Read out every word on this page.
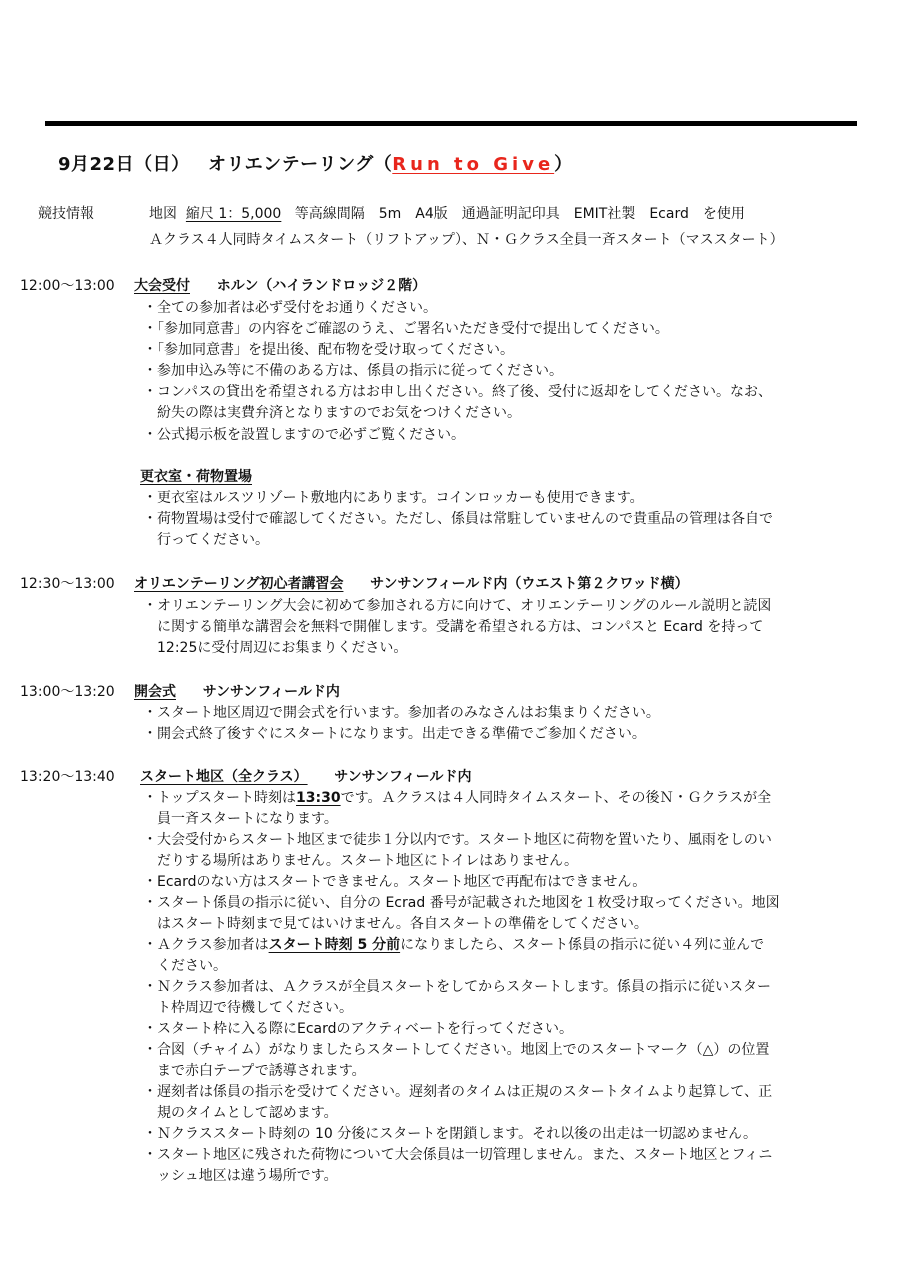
9月22日（日） オリエンテーリング（Run to Give）
競技情報	地図 縮尺 1：5,000 等高線間隔　5m　A4版　通過証明記印具　EMIT社製　Ecard　を使用
Ａクラス４人同時タイムスタート（リフトアップ）、Ｎ・Ｇクラス全員一斉スタート（マススタート）
12:00～13:00 大会受付 ホルン（ハイランドロッジ２階）
・全ての参加者は必ず受付をお通りください。
・「参加同意書」の内容をご確認のうえ、ご署名いただき受付で提出してください。
・「参加同意書」を提出後、配布物を受け取ってください。
・参加申込み等に不備のある方は、係員の指示に従ってください。
・コンパスの貸出を希望される方はお申し出ください。終了後、受付に返却をしてください。なお、
　紛失の際は実費弁済となりますのでお気をつけください。
・公式掲示板を設置しますので必ずご覧ください。
更衣室・荷物置場
・更衣室はルスツリゾート敷地内にあります。コインロッカーも使用できます。
・荷物置場は受付で確認してください。ただし、係員は常駐していませんので貴重品の管理は各自で
　行ってください。
12:30～13:00 オリエンテーリング初心者講習会 サンサンフィールド内（ウエスト第２クワッド横）
・オリエンテーリング大会に初めて参加される方に向けて、オリエンテーリングのルール説明と読図
　に関する簡単な講習会を無料で開催します。受講を希望される方は、コンパスと Ecard を持って
　12:25に受付周辺にお集まりください。
13:00～13:20 開会式 サンサンフィールド内
・スタート地区周辺で開会式を行います。参加者のみなさんはお集まりください。
・開会式終了後すぐにスタートになります。出走できる準備でご参加ください。
13:20～13:40 スタート地区（全クラス） サンサンフィールド内
・トップスタート時刻は13:30です。Ａクラスは４人同時タイムスタート、その後Ｎ・Ｇクラスが全
　員一斉スタートになります。
・大会受付からスタート地区まで徒歩１分以内です。スタート地区に荷物を置いたり、風雨をしのい
　だりする場所はありません。スタート地区にトイレはありません。
・Ecardのない方はスタートできません。スタート地区で再配布はできません。
・スタート係員の指示に従い、自分の Ecrad 番号が記載された地図を１枚受け取ってください。地図
　はスタート時刻まで見てはいけません。各自スタートの準備をしてください。
・Ａクラス参加者はスタート時刻 5 分前になりましたら、スタート係員の指示に従い４列に並んで
　ください。
・Ｎクラス参加者は、Ａクラスが全員スタートをしてからスタートします。係員の指示に従いスター
　ト枠周辺で待機してください。
・スタート枠に入る際にEcardのアクティベートを行ってください。
・合図（チャイム）がなりましたらスタートしてください。地図上でのスタートマーク（△）の位置
　まで赤白テープで誘導されます。
・遅刻者は係員の指示を受けてください。遅刻者のタイムは正規のスタートタイムより起算して、正
　規のタイムとして認めます。
・Ｎクラススタート時刻の 10 分後にスタートを閉鎖します。それ以後の出走は一切認めません。
・スタート地区に残された荷物について大会係員は一切管理しません。また、スタート地区とフィニ
　ッシュ地区は違う場所です。
